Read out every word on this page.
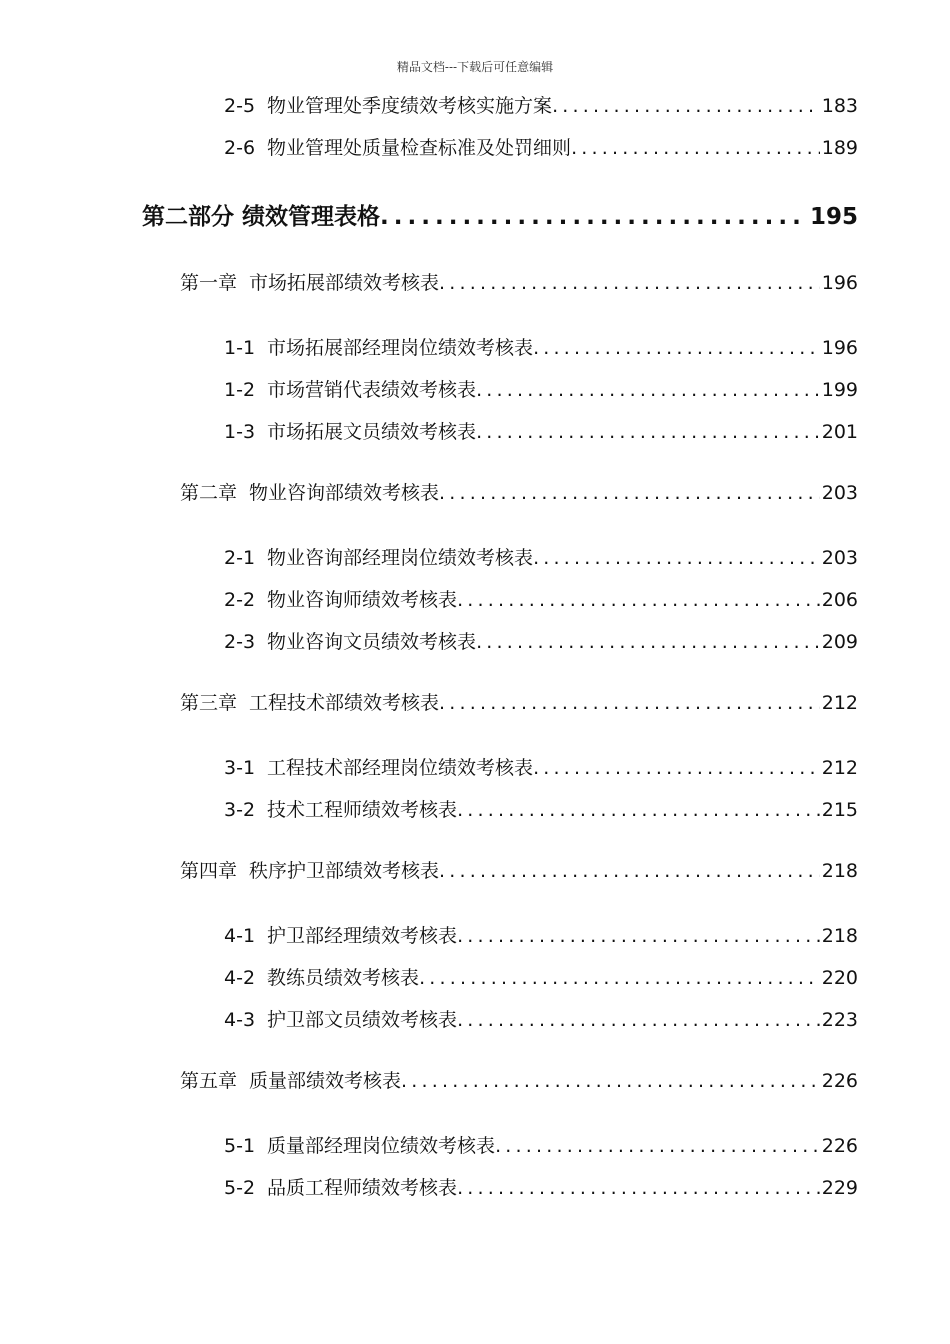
精品文档---下载后可任意编辑
2-5 物业管理处季度绩效考核实施方案 .....	183
2-6 物业管理处质量检查标准及处罚细则 .....	189
第二部分 绩效管理表格 .....	195
第一章 市场拓展部绩效考核表 .....	196
1-1 市场拓展部经理岗位绩效考核表 .....	196
1-2 市场营销代表绩效考核表 .....	199
1-3 市场拓展文员绩效考核表 .....	201
第二章 物业咨询部绩效考核表 .....	203
2-1 物业咨询部经理岗位绩效考核表 .....	203
2-2 物业咨询师绩效考核表 .....	206
2-3 物业咨询文员绩效考核表 .....	209
第三章 工程技术部绩效考核表 .....	212
3-1 工程技术部经理岗位绩效考核表 .....	212
3-2 技术工程师绩效考核表 .....	215
第四章 秩序护卫部绩效考核表 .....	218
4-1 护卫部经理绩效考核表 .....	218
4-2 教练员绩效考核表 .....	220
4-3 护卫部文员绩效考核表 .....	223
第五章 质量部绩效考核表 .....	226
5-1 质量部经理岗位绩效考核表 .....	226
5-2 品质工程师绩效考核表 .....	229
